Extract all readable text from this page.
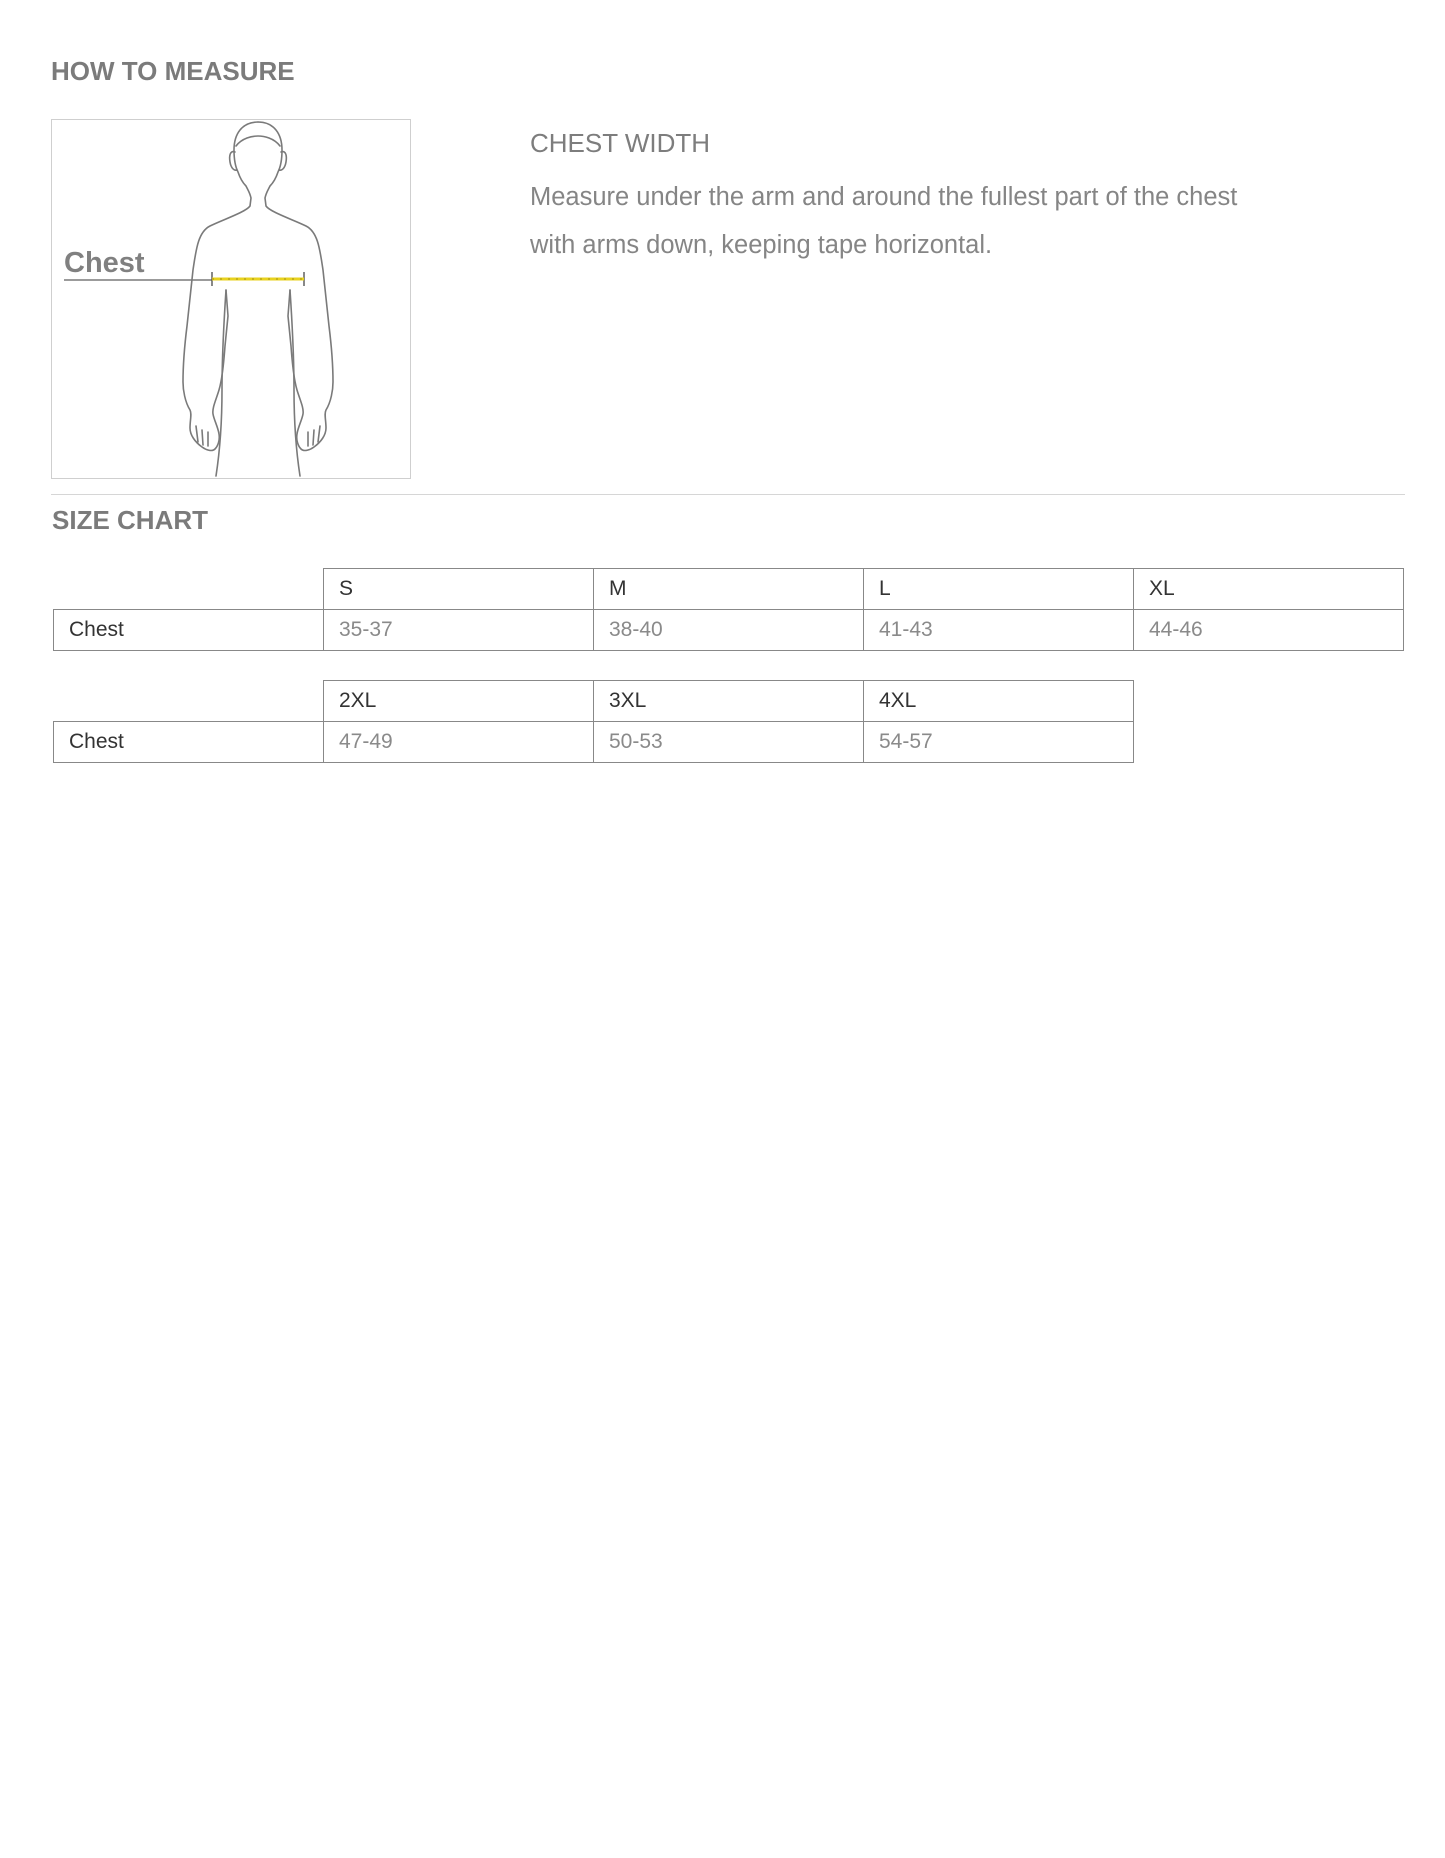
HOW TO MEASURE
Chest

CHEST WIDTH

Measure under the arm and around the fullest part of the chest
with arms down, keeping tape horizontal.

SIZE CHART
	S	M	L	XL
Chest	35-37	38-40	41-43	44-46
	2XL	3XL	4XL
Chest	47-49	50-53	54-57
